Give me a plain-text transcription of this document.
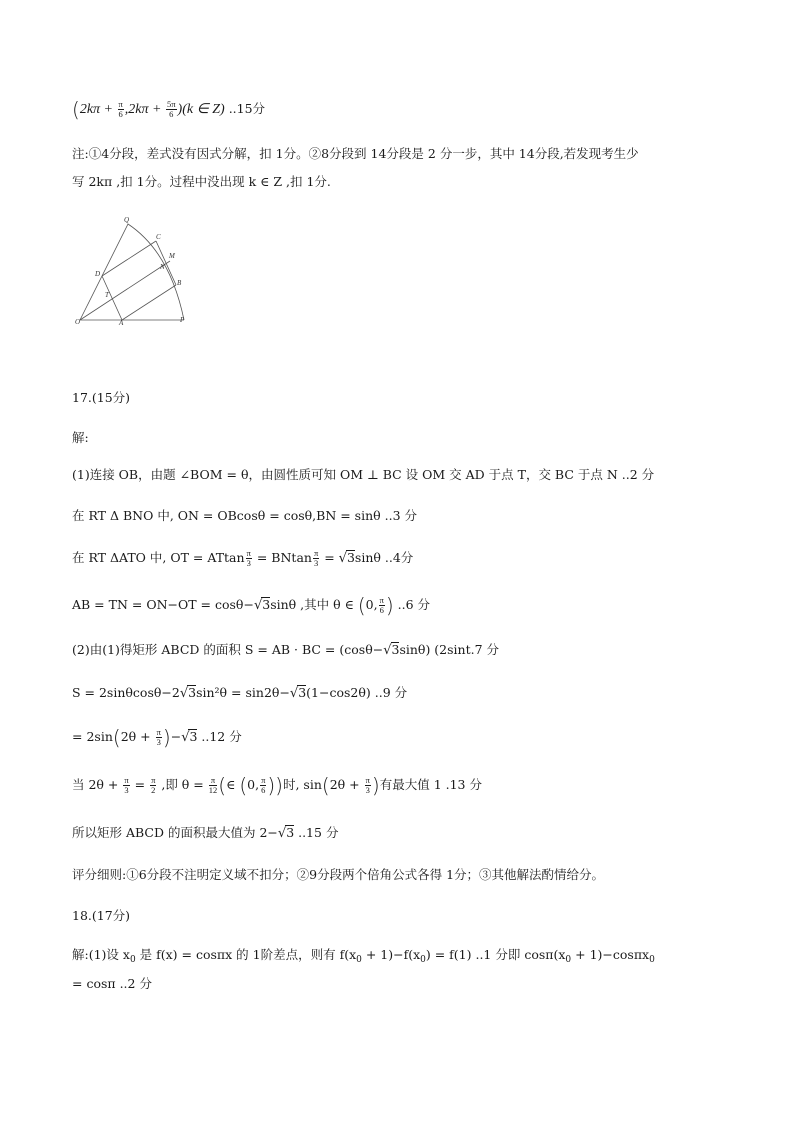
$(2k\pi + \frac{\pi}{6} ,2k\pi + \frac{5\pi}{6} )(k$ ∈ Z) ..15分
注:①4分段，差式没有因式分解，扣 1分。②8分段到 14分段是 2 分一步，其中 14分段,若发现考生少
写 2kπ ,扣 1分。过程中没出现 k ∈ Z ,扣 1分.
Q
C
M
N
D
B
T
O	A	P
17.(15分)
解:
(1)连接 OB，由题 ∠BOM = θ，由圆性质可知 OM ⊥ BC 设 OM 交 AD 于点 T，交 BC 于点 N ..2 分
在 RT Δ BNO 中, ON = OBcosθ = cosθ,BN = sinθ ..3 分
在 RT ΔATO 中, OT = ATtan $\frac{\pi}{3} = BNtan \frac{\pi}{3} = √3\sin\theta$ ..4分
AB = TN = ON−OT = cosθ−√3sinθ ,其中 θ ∈ (0, $\frac{\pi}{6}$ ) ..6 分
(2)由(1)得矩形 ABCD 的面积 S = AB · BC = (cosθ−√3sinθ) (2sint.7 分
S = 2sinθcosθ−2√3sin²θ = sin2θ−√3(1−cos2θ) ..9 分
= $2\sin(2\theta + \frac{\pi}{3} )-√3$ ..12 分
当 $2\theta + \frac{\pi}{3} = \frac{\pi}{2}$ ,即 $\theta = \frac{\pi}{12}$ (∈ (0, $\frac{\pi}{6}$ ))时, $\sin(2\theta + \frac{\pi}{3}$ )有最大值 1 .13 分
所以矩形 ABCD 的面积最大值为 2−√3 ..15 分
评分细则:①6分段不注明定义域不扣分；②9分段两个倍角公式各得 1分；③其他解法酌情给分。
18.(17分)
解:(1)设 $x_0$ 是 f(x) = cosπx 的 1阶差点，则有 $f(x_0 + 1)-f(x_0) = f(1)$ ..1 分即 $\cos\pi(x_0 + 1)-\cos\pi x_0$
= cosπ ..2 分
